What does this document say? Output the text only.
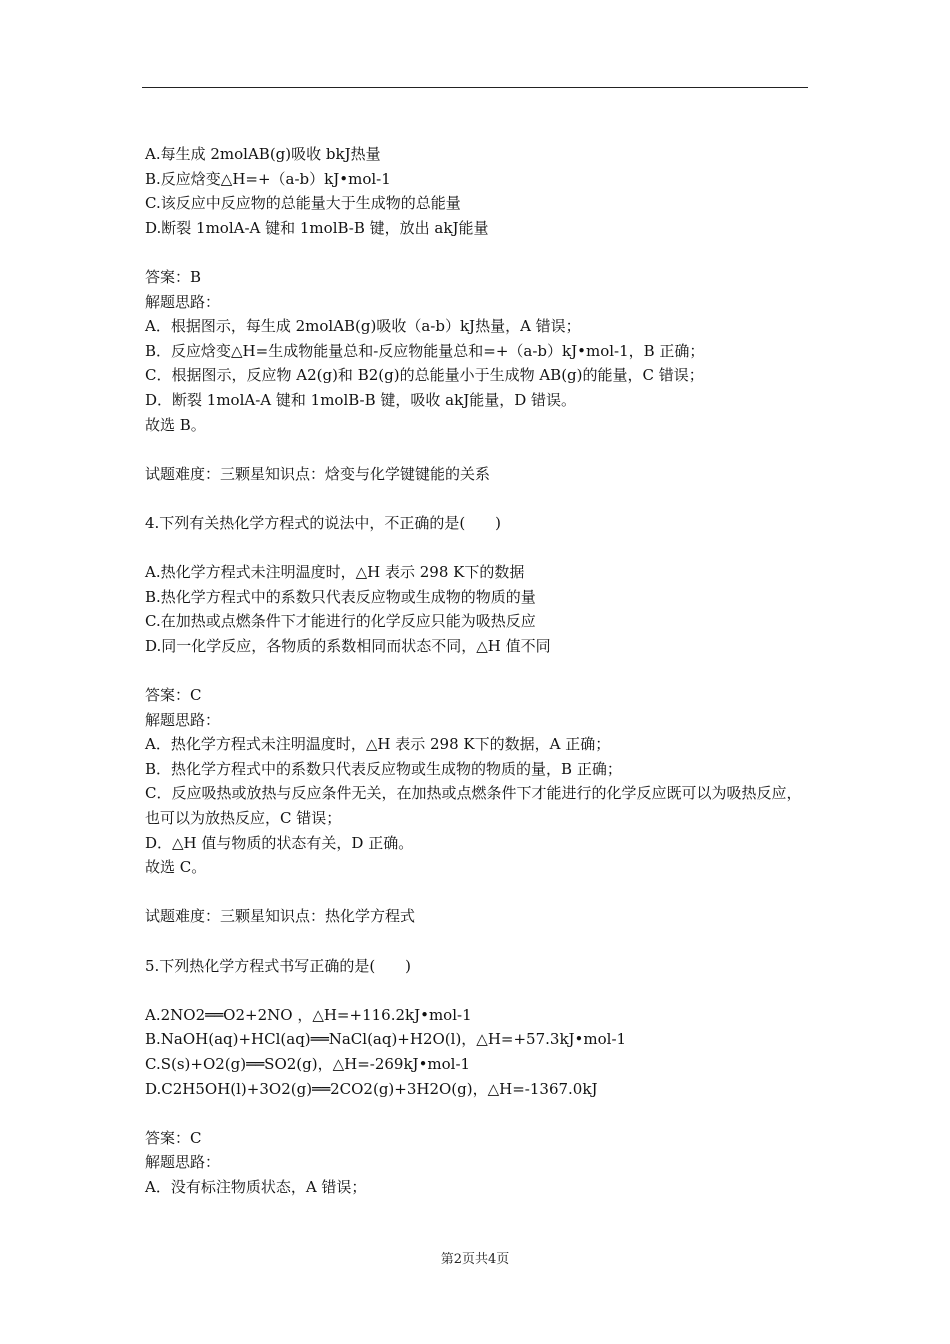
A.每生成 2molAB(g)吸收 bkJ热量
B.反应焓变△H=+（a-b）kJ•mol-1
C.该反应中反应物的总能量大于生成物的总能量
D.断裂 1molA-A 键和 1molB-B 键，放出 akJ能量
答案：B
解题思路：
A．根据图示，每生成 2molAB(g)吸收（a-b）kJ热量，A 错误；
B．反应焓变△H=生成物能量总和-反应物能量总和=+（a-b）kJ•mol-1，B 正确；
C．根据图示，反应物 A2(g)和 B2(g)的总能量小于生成物 AB(g)的能量，C 错误；
D．断裂 1molA-A 键和 1molB-B 键，吸收 akJ能量，D 错误。
故选 B。
试题难度：三颗星知识点：焓变与化学键键能的关系
4.下列有关热化学方程式的说法中，不正确的是(　　)
A.热化学方程式未注明温度时，△H 表示 298 K下的数据
B.热化学方程式中的系数只代表反应物或生成物的物质的量
C.在加热或点燃条件下才能进行的化学反应只能为吸热反应
D.同一化学反应，各物质的系数相同而状态不同，△H 值不同
答案：C
解题思路：
A．热化学方程式未注明温度时，△H 表示 298 K下的数据，A 正确；
B．热化学方程式中的系数只代表反应物或生成物的物质的量，B 正确；
C．反应吸热或放热与反应条件无关，在加热或点燃条件下才能进行的化学反应既可以为吸热反应，也可以为放热反应，C 错误；
D．△H 值与物质的状态有关，D 正确。
故选 C。
试题难度：三颗星知识点：热化学方程式
5.下列热化学方程式书写正确的是(　　)
A.2NO2══O2+2NO ，△H=+116.2kJ•mol-1
B.NaOH(aq)+HCl(aq)══NaCl(aq)+H2O(l)，△H=+57.3kJ•mol-1
C.S(s)+O2(g)══SO2(g)，△H=-269kJ•mol-1
D.C2H5OH(l)+3O2(g)══2CO2(g)+3H2O(g)，△H=-1367.0kJ
答案：C
解题思路：
A．没有标注物质状态，A 错误；
第2页共4页
